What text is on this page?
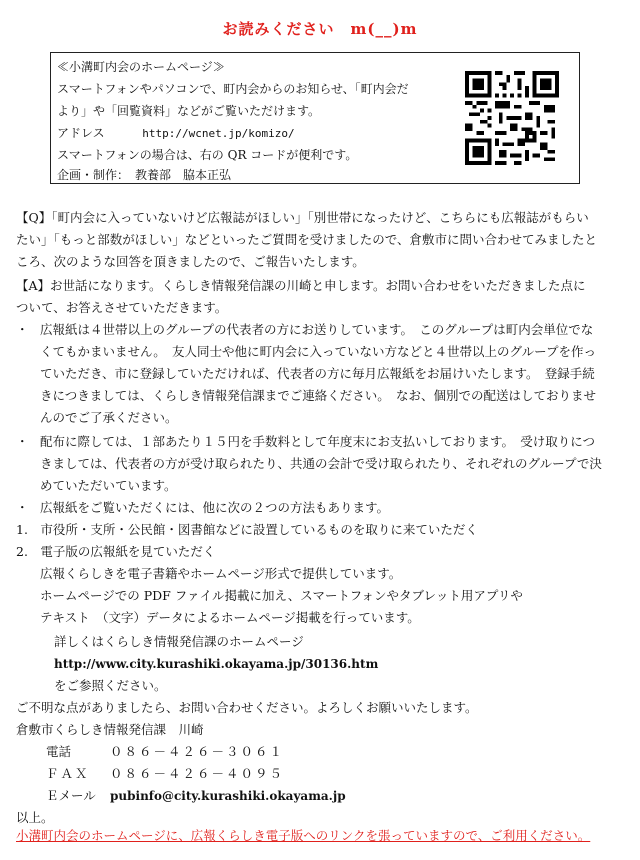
お読みください　m(__)m
≪小溝町内会のホームページ≫
スマートフォンやパソコンで、町内会からのお知らせ、「町内会だ
より」や「回覧資料」などがご覧いただけます。
アドレス	http://wcnet.jp/komizo/
スマートフォンの場合は、右の QR コードが便利です。
企画・制作：　教養部　脇本正弘
【Q】「町内会に入っていないけど広報誌がほしい」「別世帯になったけど、こちらにも広報誌がもらい
たい」「もっと部数がほしい」などといったご質問を受けましたので、倉敷市に問い合わせてみましたと
ころ、次のような回答を頂きましたので、ご報告いたします。
【A】お世話になります。くらしき情報発信課の川崎と申します。お問い合わせをいただきました点に
ついて、お答えさせていただきます。
・ 広報紙は４世帯以上のグループの代表者の方にお送りしています。　このグループは町内会単位でな
くてもかまいません。　友人同士や他に町内会に入っていない方などと４世帯以上のグループを作っ
ていただき、市に登録していただければ、代表者の方に毎月広報紙をお届けいたします。　登録手続
きにつきましては、くらしき情報発信課までご連絡ください。　なお、個別での配送はしておりませ
んのでご了承ください。
・ 配布に際しては、１部あたり１５円を手数料として年度末にお支払いしております。　受け取りにつ
きましては、代表者の方が受け取られたり、共通の会計で受け取られたり、それぞれのグループで決
めていただいています。
・ 広報紙をご覧いただくには、他に次の２つの方法もあります。
1.　市役所・支所・公民館・図書館などに設置しているものを取りに来ていただく
2.　電子版の広報紙を見ていただく
広報くらしきを電子書籍やホームページ形式で提供しています。
ホームページでの PDF ファイル掲載に加え、スマートフォンやタブレット用アプリや
テキスト　（文字）データによるホームページ掲載を行っています。
詳しくはくらしき情報発信課のホームページ
http://www.city.kurashiki.okayama.jp/30136.htm
をご参照ください。
ご不明な点がありましたら、お問い合わせください。よろしくお願いいたします。
倉敷市くらしき情報発信課　川崎
電話	０８６－４２６－３０６１
ＦＡＸ ０８６－４２６－４０９５
Ｅメール pubinfo@city.kurashiki.okayama.jp
以上。
小溝町内会のホームページに、広報くらしき電子版へのリンクを張っていますので、ご利用ください。
